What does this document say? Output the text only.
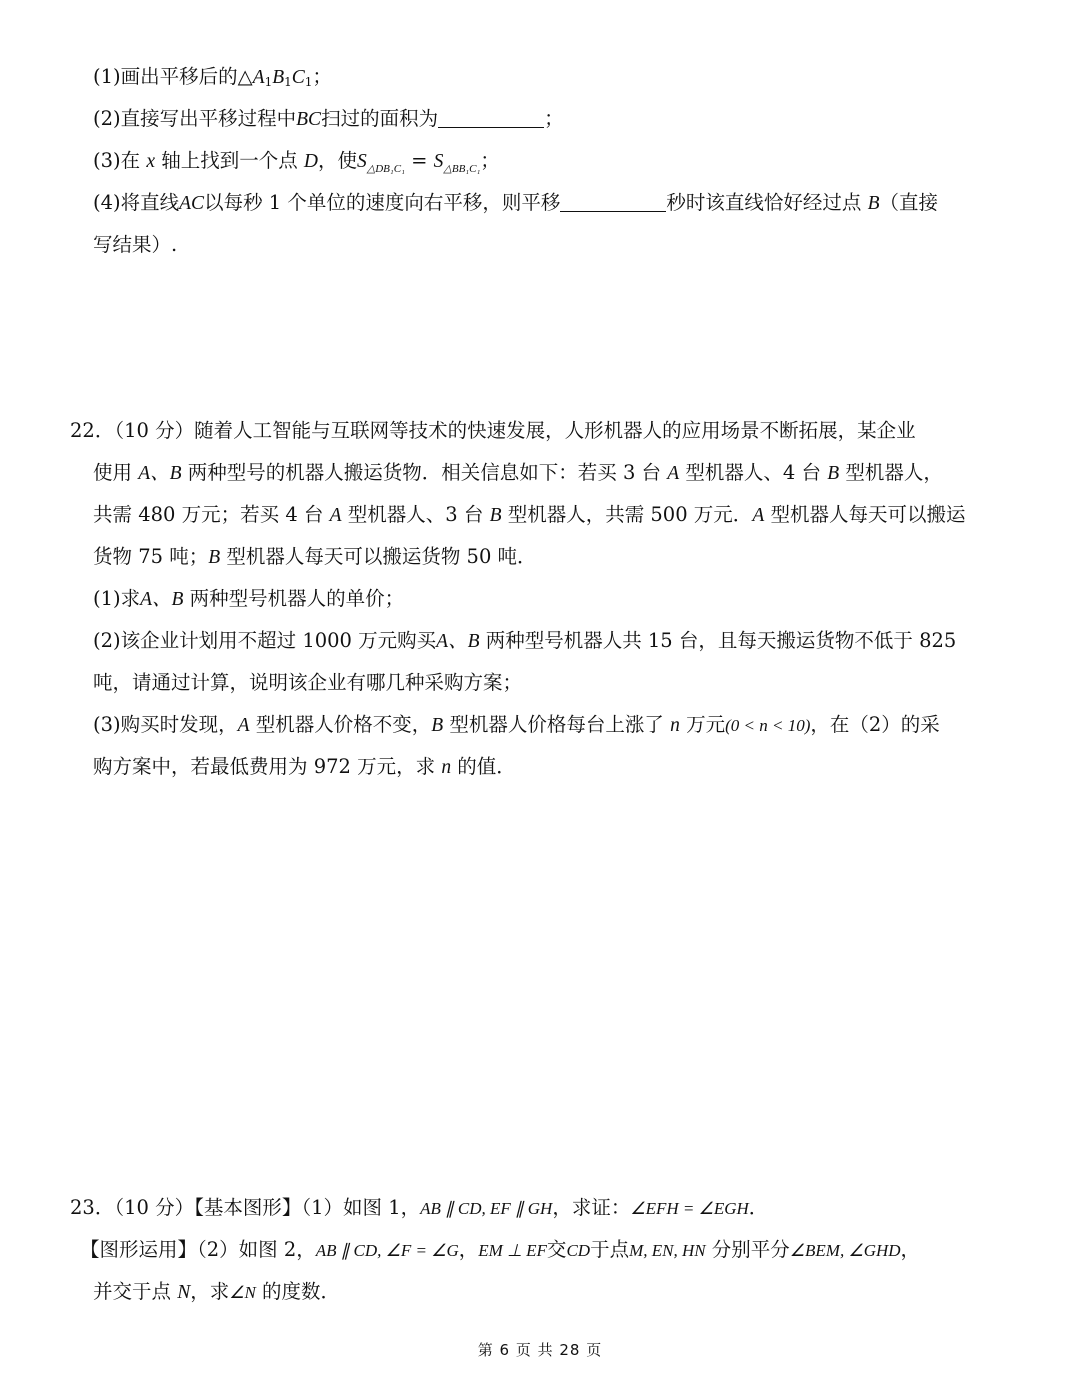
(1)画出平移后的$\triangle A_1B_1C_1$；
(2)直接写出平移过程中BC扫过的面积为	；
(3)在 x 轴上找到一个点 D，使$S_{\triangle DB_1C_1} = S_{\triangle BB_1C_1}$；
(4)将直线AC以每秒 1 个单位的速度向右平移，则平移	秒时该直线恰好经过点 B（直接
写结果）.
22．（10 分）随着人工智能与互联网等技术的快速发展，人形机器人的应用场景不断拓展，某企业
使用 A、B 两种型号的机器人搬运货物．相关信息如下：若买 3 台 A 型机器人、4 台 B 型机器人，
共需 480 万元；若买 4 台 A 型机器人、3 台 B 型机器人，共需 500 万元．A 型机器人每天可以搬运
货物 75 吨；B 型机器人每天可以搬运货物 50 吨．
(1)求A、B 两种型号机器人的单价；
(2)该企业计划用不超过 1000 万元购买A、B 两种型号机器人共 15 台，且每天搬运货物不低于 825
吨，请通过计算，说明该企业有哪几种采购方案；
(3)购买时发现，A 型机器人价格不变，B 型机器人价格每台上涨了 n 万元(0 < n < 10)，在（2）的采
购方案中，若最低费用为 972 万元，求 n 的值．
23．（10 分）【基本图形】（1）如图 1，AB ∥ CD, EF ∥ GH，求证：∠EFH = ∠EGH．
【图形运用】（2）如图 2，AB ∥ CD, ∠F = ∠G，EM ⊥ EF交CD于点M, EN, HN 分别平分∠BEM, ∠GHD，
并交于点 N，求∠N 的度数．
第 6 页 共 28 页
